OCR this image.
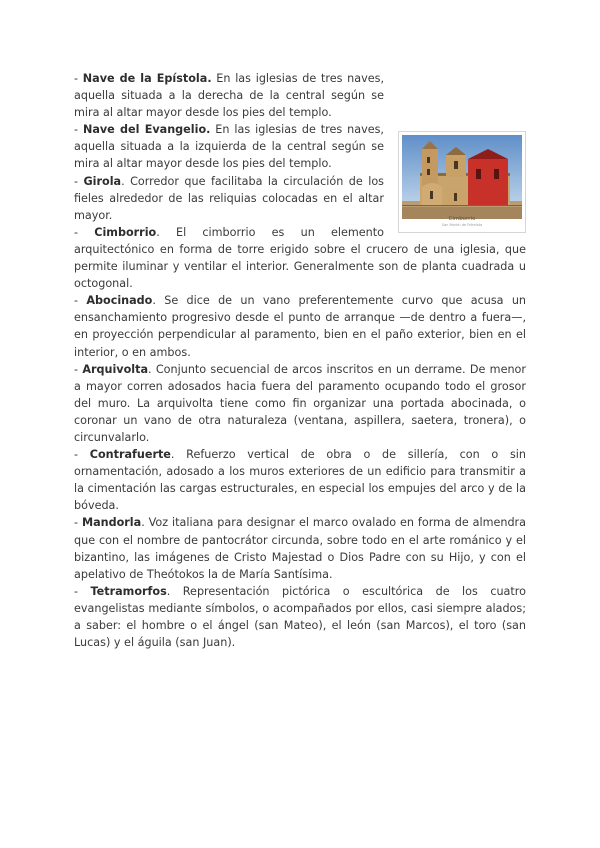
Cimborrio
San Martín de Frómista

- Nave de la Epístola. En las iglesias de tres naves, aquella situada a la derecha de la central según se mira al altar mayor desde los pies del templo.

- Nave del Evangelio. En las iglesias de tres naves, aquella situada a la izquierda de la central según se mira al altar mayor desde los pies del templo.

- Girola. Corredor que facilitaba la circulación de los fieles alrededor de las reliquias colocadas en el altar mayor.

- Cimborrio. El cimborrio es un elemento arquitectónico en forma de torre erigido sobre el crucero de una iglesia, que permite iluminar y ventilar el interior. Generalmente son de planta cuadrada u octogonal.

- Abocinado. Se dice de un vano preferentemente curvo que acusa un ensanchamiento progresivo desde el punto de arranque —de dentro a fuera—, en proyección perpendicular al paramento, bien en el paño exterior, bien en el interior, o en ambos.

- Arquivolta. Conjunto secuencial de arcos inscritos en un derrame. De menor a mayor corren adosados hacia fuera del paramento ocupando todo el grosor del muro. La arquivolta tiene como fin organizar una portada abocinada, o coronar un vano de otra naturaleza (ventana, aspillera, saetera, tronera), o circunvalarlo.

- Contrafuerte. Refuerzo vertical de obra o de sillería, con o sin ornamentación, adosado a los muros exteriores de un edificio para transmitir a la cimentación las cargas estructurales, en especial los empujes del arco y de la bóveda.

- Mandorla. Voz italiana para designar el marco ovalado en forma de almendra que con el nombre de pantocrátor circunda, sobre todo en el arte románico y el bizantino, las imágenes de Cristo Majestad o Dios Padre con su Hijo, y con el apelativo de Theótokos la de María Santísima.

- Tetramorfos. Representación pictórica o escultórica de los cuatro evangelistas mediante símbolos, o acompañados por ellos, casi siempre alados; a saber: el hombre o el ángel (san Mateo), el león (san Marcos), el toro (san Lucas) y el águila (san Juan).
